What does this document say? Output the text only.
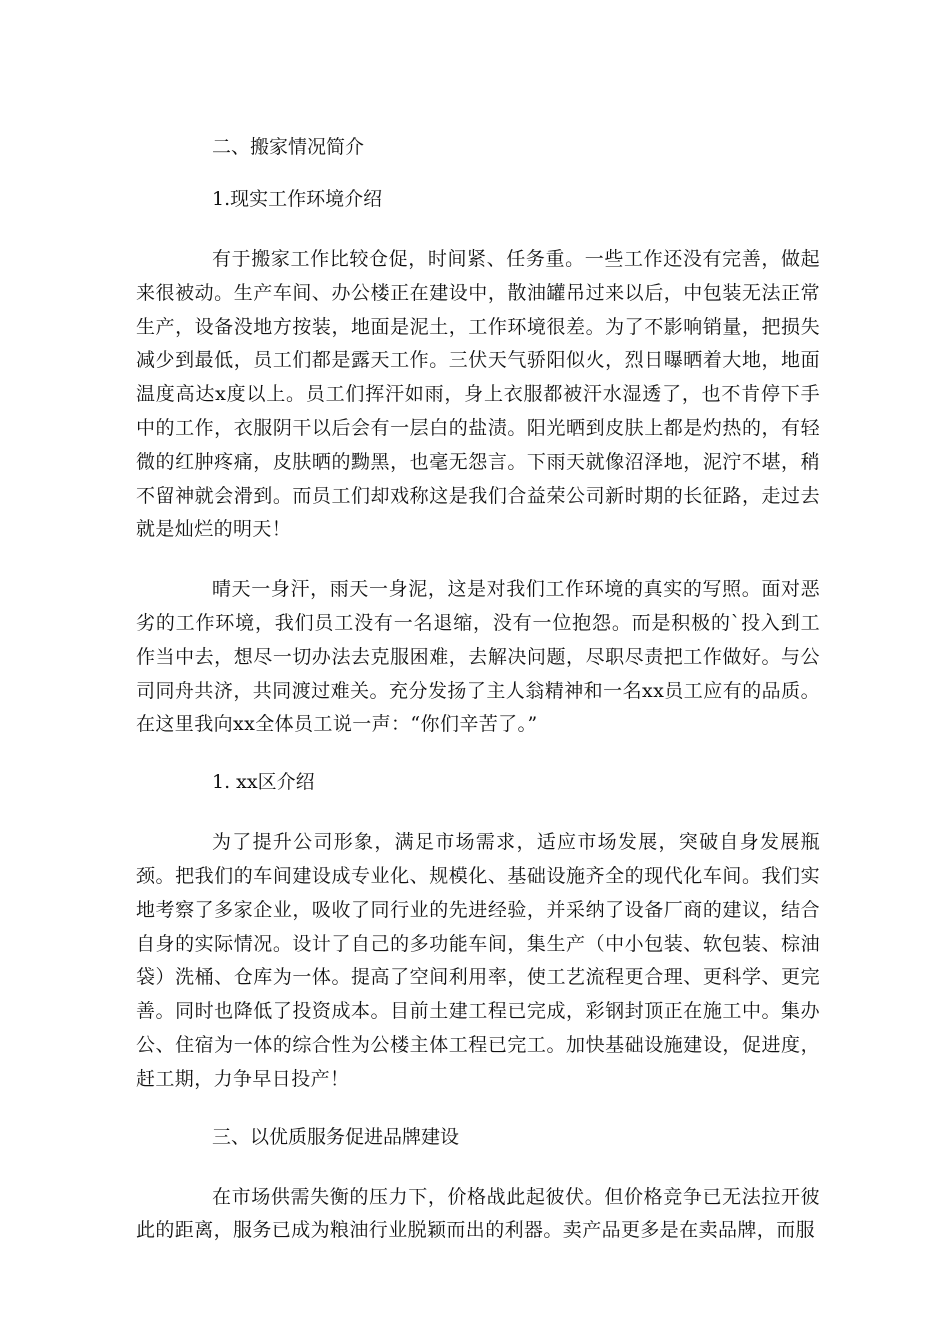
二、搬家情况简介

1.现实工作环境介绍

有于搬家工作比较仓促，时间紧、任务重。一些工作还没有完善，做起来很被动。生产车间、办公楼正在建设中，散油罐吊过来以后，中包装无法正常生产，设备没地方按装，地面是泥土，工作环境很差。为了不影响销量，把损失减少到最低，员工们都是露天工作。三伏天气骄阳似火，烈日曝晒着大地，地面温度高达x度以上。员工们挥汗如雨，身上衣服都被汗水湿透了，也不肯停下手中的工作，衣服阴干以后会有一层白的盐渍。阳光晒到皮肤上都是灼热的，有轻微的红肿疼痛，皮肤晒的黝黑，也毫无怨言。下雨天就像沼泽地，泥泞不堪，稍不留神就会滑到。而员工们却戏称这是我们合益荣公司新时期的长征路，走过去就是灿烂的明天！

晴天一身汗，雨天一身泥，这是对我们工作环境的真实的写照。面对恶劣的工作环境，我们员工没有一名退缩，没有一位抱怨。而是积极的`投入到工作当中去，想尽一切办法去克服困难，去解决问题，尽职尽责把工作做好。与公司同舟共济，共同渡过难关。充分发扬了主人翁精神和一名xx员工应有的品质。在这里我向xx全体员工说一声：“你们辛苦了。”

1. xx区介绍

为了提升公司形象，满足市场需求，适应市场发展，突破自身发展瓶颈。把我们的车间建设成专业化、规模化、基础设施齐全的现代化车间。我们实地考察了多家企业，吸收了同行业的先进经验，并采纳了设备厂商的建议，结合自身的实际情况。设计了自己的多功能车间，集生产（中小包装、软包装、棕油袋）洗桶、仓库为一体。提高了空间利用率，使工艺流程更合理、更科学、更完善。同时也降低了投资成本。目前土建工程已完成，彩钢封顶正在施工中。集办公、住宿为一体的综合性为公楼主体工程已完工。加快基础设施建设，促进度，赶工期，力争早日投产！

三、以优质服务促进品牌建设

在市场供需失衡的压力下，价格战此起彼伏。但价格竞争已无法拉开彼此的距离，服务已成为粮油行业脱颖而出的利器。卖产品更多是在卖品牌，而服
